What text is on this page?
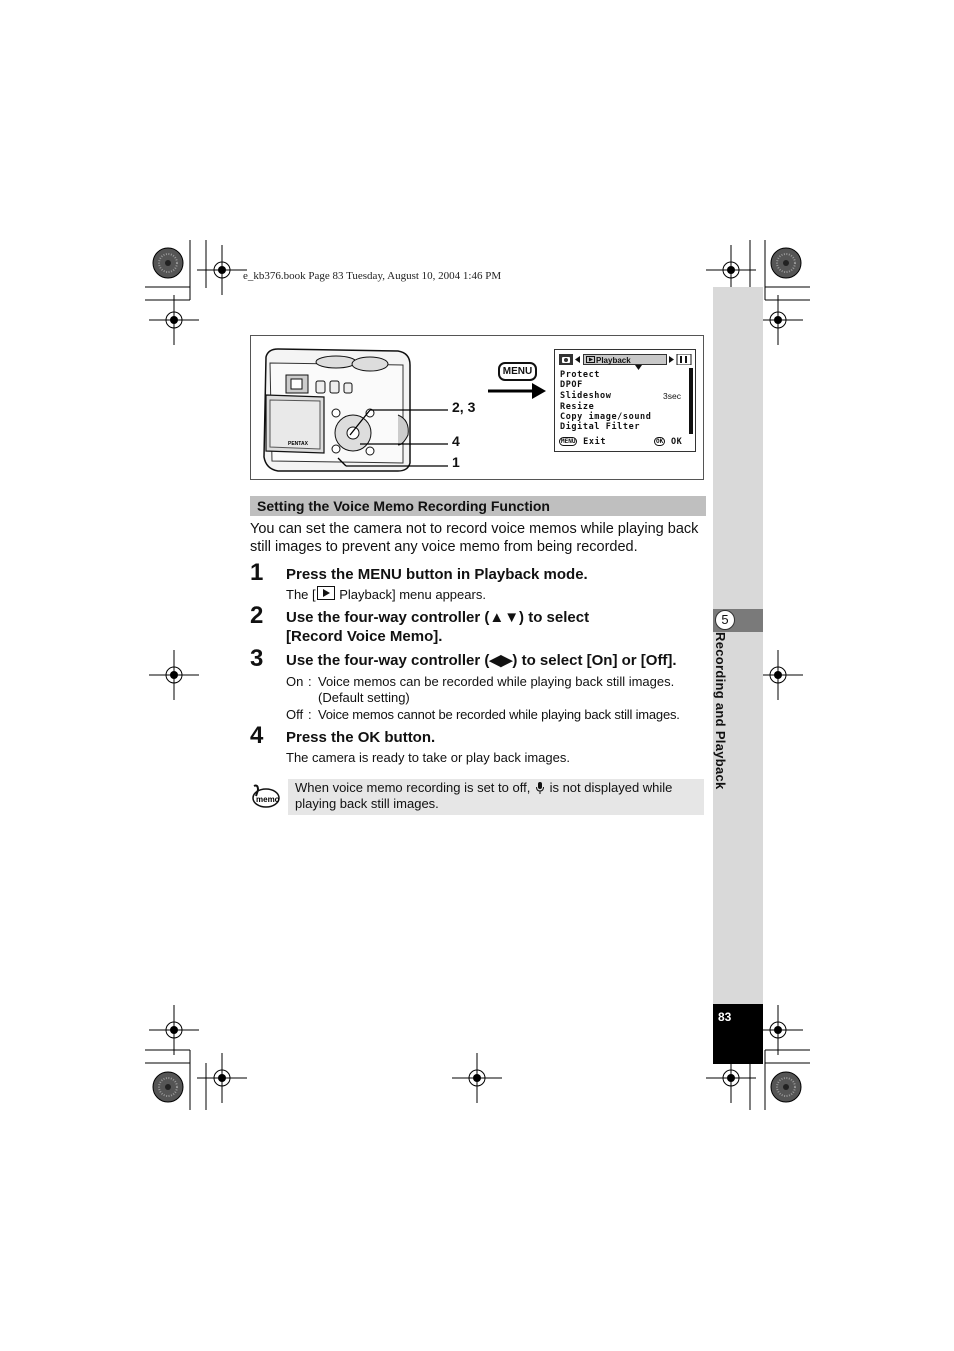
e_kb376.book Page 83 Tuesday, August 10, 2004 1:46 PM
5
Recording and Playback
83
PENTAX
2, 3
4
1
MENU
Playback
Protect
DPOF
Slideshow	3sec
Resize
Copy image/sound
Digital Filter
MENU Exit	OK OK
Setting the Voice Memo Recording Function
You can set the camera not to record voice memos while playing back still images to prevent any voice memo from being recorded.
1 Press the MENU button in Playback mode.
The [ Playback] menu appears.
2 Use the four-way controller (▲▼) to select
[Record Voice Memo].
3 Use the four-way controller (◀▶) to select [On] or [Off].
On : Voice memos can be recorded while playing back still images.
(Default setting)
Off : Voice memos cannot be recorded while playing back still images.
4 Press the OK button.
The camera is ready to take or play back images.
memo
When voice memo recording is set to off, is not displayed while
playing back still images.
